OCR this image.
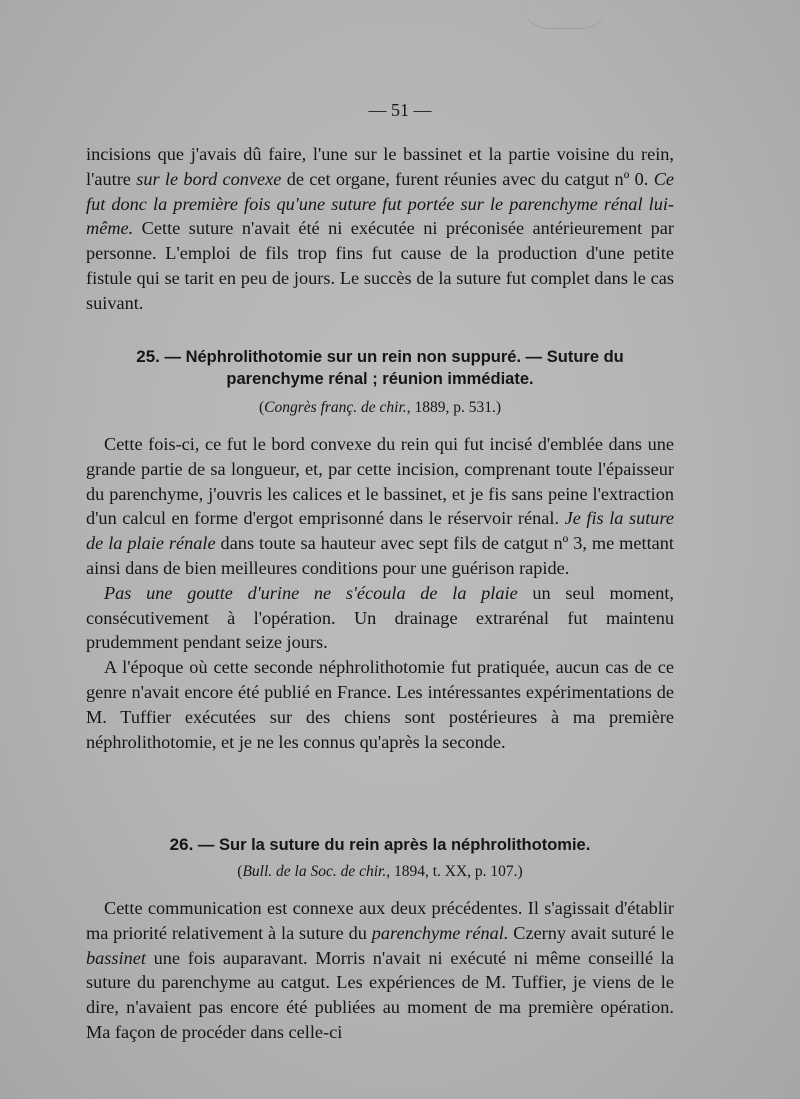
— 51 —

incisions que j'avais dû faire, l'une sur le bassinet et la partie voisine du rein, l'autre sur le bord convexe de cet organe, furent réunies avec du catgut nº 0. Ce fut donc la première fois qu'une suture fut portée sur le parenchyme rénal lui-même. Cette suture n'avait été ni exécutée ni préconisée antérieurement par personne. L'emploi de fils trop fins fut cause de la production d'une petite fistule qui se tarit en peu de jours. Le succès de la suture fut complet dans le cas suivant.

25. — Néphrolithotomie sur un rein non suppuré. — Suture du parenchyme rénal ; réunion immédiate.
(Congrès franç. de chir., 1889, p. 531.)

Cette fois-ci, ce fut le bord convexe du rein qui fut incisé d'emblée dans une grande partie de sa longueur, et, par cette incision, comprenant toute l'épaisseur du parenchyme, j'ouvris les calices et le bassinet, et je fis sans peine l'extraction d'un calcul en forme d'ergot emprisonné dans le réservoir rénal. Je fis la suture de la plaie rénale dans toute sa hauteur avec sept fils de catgut nº 3, me mettant ainsi dans de bien meilleures conditions pour une guérison rapide.

Pas une goutte d'urine ne s'écoula de la plaie un seul moment, consécutivement à l'opération. Un drainage extrarénal fut maintenu prudemment pendant seize jours.

A l'époque où cette seconde néphrolithotomie fut pratiquée, aucun cas de ce genre n'avait encore été publié en France. Les intéressantes expérimentations de M. Tuffier exécutées sur des chiens sont postérieures à ma première néphrolithotomie, et je ne les connus qu'après la seconde.

26. — Sur la suture du rein après la néphrolithotomie.
(Bull. de la Soc. de chir., 1894, t. XX, p. 107.)

Cette communication est connexe aux deux précédentes. Il s'agissait d'établir ma priorité relativement à la suture du parenchyme rénal. Czerny avait suturé le bassinet une fois auparavant. Morris n'avait ni exécuté ni même conseillé la suture du parenchyme au catgut. Les expériences de M. Tuffier, je viens de le dire, n'avaient pas encore été publiées au moment de ma première opération. Ma façon de procéder dans celle-ci
